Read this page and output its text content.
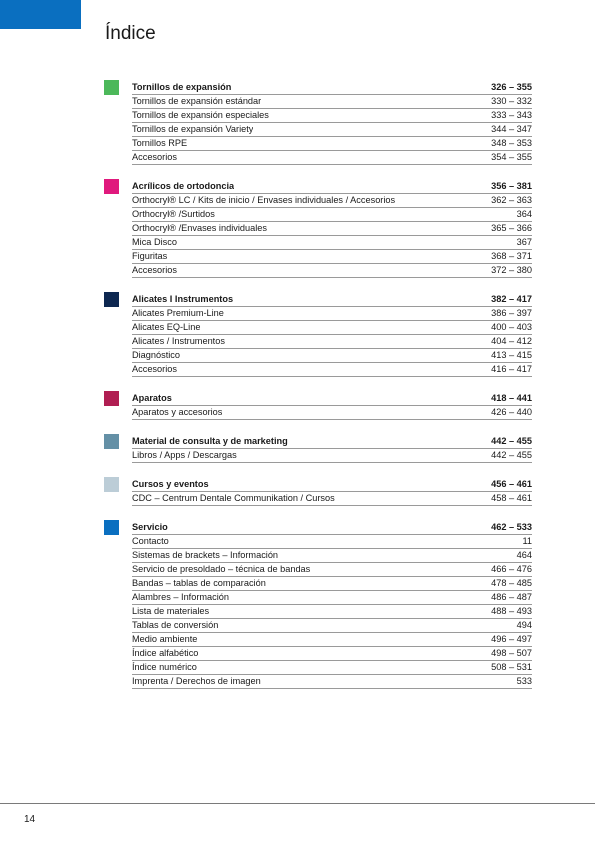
Índice
Tornillos de expansión	326 – 355
Tornillos de expansión estándar	330 – 332
Tornillos de expansión especiales	333 – 343
Tornillos de expansión Variety	344 – 347
Tornillos RPE	348 – 353
Accesorios	354 – 355
Acrílicos de ortodoncia	356 – 381
Orthocryl® LC / Kits de inicio / Envases individuales / Accesorios	362 – 363
Orthocryl® /Surtidos	364
Orthocryl® /Envases individuales	365 – 366
Mica Disco	367
Figuritas	368 – 371
Accesorios	372 – 380
Alicates I Instrumentos	382 – 417
Alicates Premium-Line	386 – 397
Alicates EQ-Line	400 – 403
Alicates / Instrumentos	404 – 412
Diagnóstico	413 – 415
Accesorios	416 – 417
Aparatos	418 – 441
Aparatos y accesorios	426 – 440
Material de consulta y de marketing	442 – 455
Libros / Apps / Descargas	442 – 455
Cursos y eventos	456 – 461
CDC – Centrum Dentale Communikation / Cursos	458 – 461
Servicio	462 – 533
Contacto	11
Sistemas de brackets – Información	464
Servicio de presoldado – técnica de bandas	466 – 476
Bandas – tablas de comparación	478 – 485
Alambres – Información	486 – 487
Lista de materiales	488 – 493
Tablas de conversión	494
Medio ambiente	496 – 497
Índice alfabético	498 – 507
Índice numérico	508 – 531
Imprenta / Derechos de imagen	533
14
